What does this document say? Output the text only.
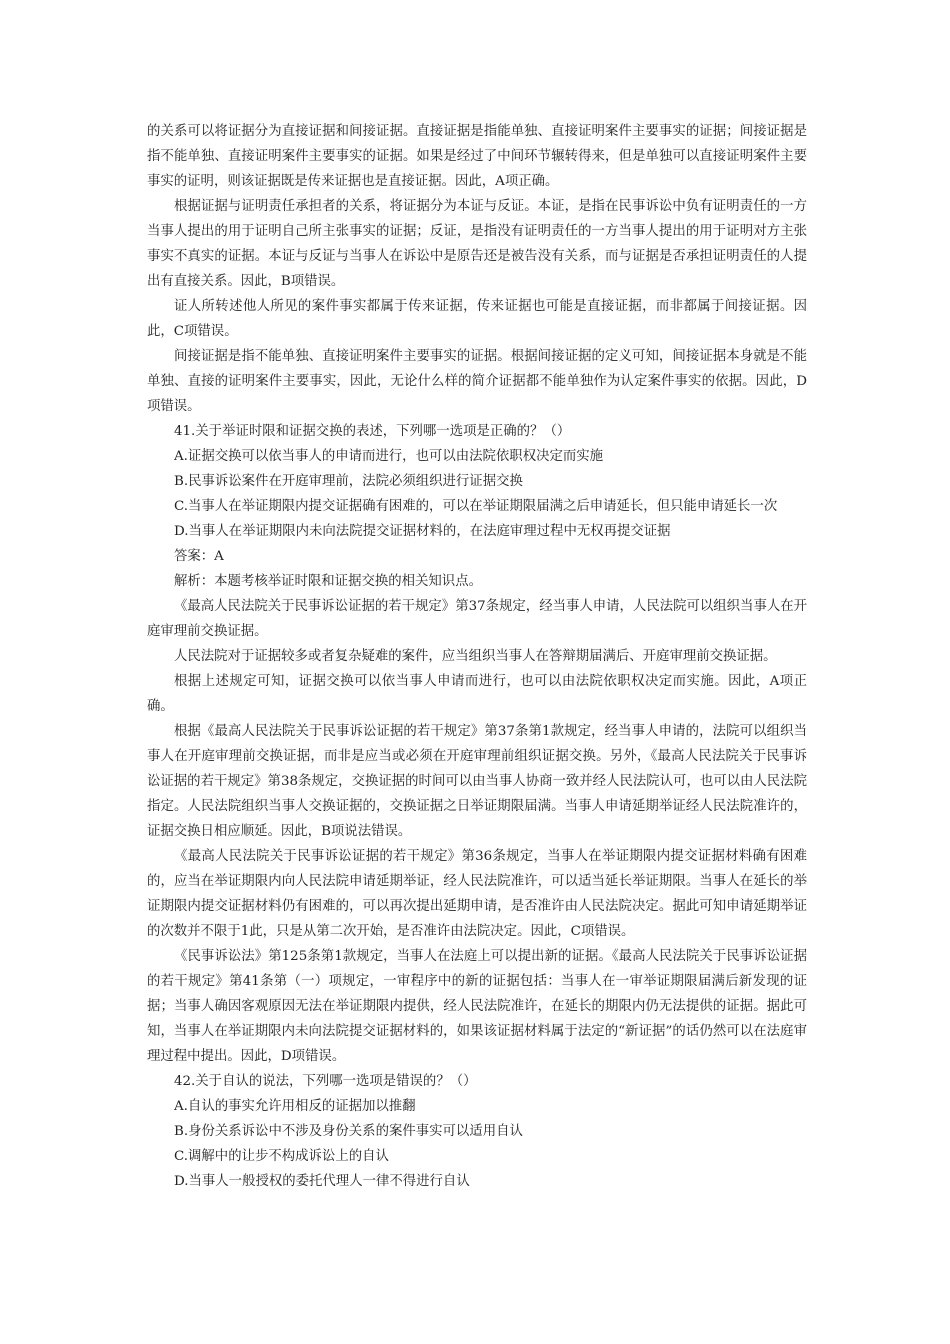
的关系可以将证据分为直接证据和间接证据。直接证据是指能单独、直接证明案件主要事实的证据；间接证据是指不能单独、直接证明案件主要事实的证据。如果是经过了中间环节辗转得来，但是单独可以直接证明案件主要事实的证明，则该证据既是传来证据也是直接证据。因此，A项正确。

根据证据与证明责任承担者的关系，将证据分为本证与反证。本证，是指在民事诉讼中负有证明责任的一方当事人提出的用于证明自己所主张事实的证据；反证，是指没有证明责任的一方当事人提出的用于证明对方主张事实不真实的证据。本证与反证与当事人在诉讼中是原告还是被告没有关系，而与证据是否承担证明责任的人提出有直接关系。因此，B项错误。

证人所转述他人所见的案件事实都属于传来证据，传来证据也可能是直接证据，而非都属于间接证据。因此，C项错误。

间接证据是指不能单独、直接证明案件主要事实的证据。根据间接证据的定义可知，间接证据本身就是不能单独、直接的证明案件主要事实，因此，无论什么样的简介证据都不能单独作为认定案件事实的依据。因此，D项错误。

41.关于举证时限和证据交换的表述，下列哪一选项是正确的？（）

A.证据交换可以依当事人的申请而进行，也可以由法院依职权决定而实施

B.民事诉讼案件在开庭审理前，法院必须组织进行证据交换

C.当事人在举证期限内提交证据确有困难的，可以在举证期限届满之后申请延长，但只能申请延长一次

D.当事人在举证期限内未向法院提交证据材料的，在法庭审理过程中无权再提交证据

答案：A

解析：本题考核举证时限和证据交换的相关知识点。

《最高人民法院关于民事诉讼证据的若干规定》第37条规定，经当事人申请，人民法院可以组织当事人在开庭审理前交换证据。

人民法院对于证据较多或者复杂疑难的案件，应当组织当事人在答辩期届满后、开庭审理前交换证据。

根据上述规定可知，证据交换可以依当事人申请而进行，也可以由法院依职权决定而实施。因此，A项正确。

根据《最高人民法院关于民事诉讼证据的若干规定》第37条第1款规定，经当事人申请的，法院可以组织当事人在开庭审理前交换证据，而非是应当或必须在开庭审理前组织证据交换。另外，《最高人民法院关于民事诉讼证据的若干规定》第38条规定，交换证据的时间可以由当事人协商一致并经人民法院认可，也可以由人民法院指定。人民法院组织当事人交换证据的，交换证据之日举证期限届满。当事人申请延期举证经人民法院准许的，证据交换日相应顺延。因此，B项说法错误。

《最高人民法院关于民事诉讼证据的若干规定》第36条规定，当事人在举证期限内提交证据材料确有困难的，应当在举证期限内向人民法院申请延期举证，经人民法院准许，可以适当延长举证期限。当事人在延长的举证期限内提交证据材料仍有困难的，可以再次提出延期申请，是否准许由人民法院决定。据此可知申请延期举证的次数并不限于1此，只是从第二次开始，是否准许由法院决定。因此，C项错误。

《民事诉讼法》第125条第1款规定，当事人在法庭上可以提出新的证据。《最高人民法院关于民事诉讼证据的若干规定》第41条第（一）项规定，一审程序中的新的证据包括：当事人在一审举证期限届满后新发现的证据；当事人确因客观原因无法在举证期限内提供，经人民法院准许，在延长的期限内仍无法提供的证据。据此可知，当事人在举证期限内未向法院提交证据材料的，如果该证据材料属于法定的“新证据”的话仍然可以在法庭审理过程中提出。因此，D项错误。

42.关于自认的说法，下列哪一选项是错误的？（）

A.自认的事实允许用相反的证据加以推翻

B.身份关系诉讼中不涉及身份关系的案件事实可以适用自认

C.调解中的让步不构成诉讼上的自认

D.当事人一般授权的委托代理人一律不得进行自认
